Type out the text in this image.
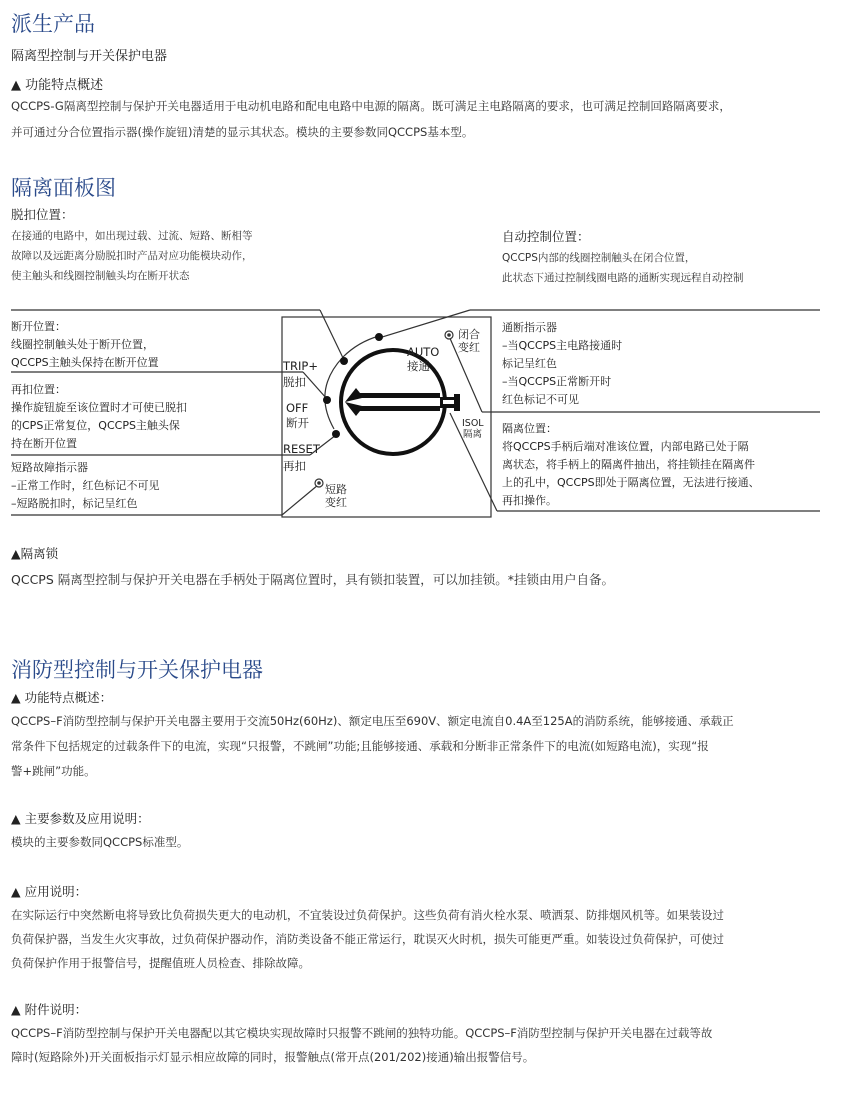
派生产品
隔离型控制与开关保护电器
▲ 功能特点概述
QCCPS-G隔离型控制与保护开关电器适用于电动机电路和配电电路中电源的隔离。既可满足主电路隔离的要求，也可满足控制回路隔离要求，
并可通过分合位置指示器(操作旋钮)清楚的显示其状态。模块的主要参数同QCCPS基本型。
隔离面板图
脱扣位置：
在接通的电路中，如出现过载、过流、短路、断相等
故障以及远距离分励脱扣时产品对应功能模块动作，
使主触头和线圈控制触头均在断开状态
自动控制位置：
QCCPS内部的线圈控制触头在闭合位置，
此状态下通过控制线圈电路的通断实现远程自动控制
断开位置：
线圈控制触头处于断开位置，
QCCPS主触头保持在断开位置
再扣位置：
操作旋钮旋至该位置时才可使已脱扣
的CPS正常复位，QCCPS主触头保
持在断开位置
短路故障指示器
–正常工作时，红色标记不可见
–短路脱扣时，标记呈红色
通断指示器
–当QCCPS主电路接通时
标记呈红色
–当QCCPS正常断开时
红色标记不可见
隔离位置：
将QCCPS手柄后端对准该位置，内部电路已处于隔
离状态，将手柄上的隔离件抽出，将挂锁挂在隔离件
上的孔中，QCCPS即处于隔离位置，无法进行接通、
再扣操作。
TRIP+
脱扣
OFF
断开
RESET
再扣
AUTO
接通
闭合
变红
ISOL
隔离
短路
变红
▲隔离锁
QCCPS 隔离型控制与保护开关电器在手柄处于隔离位置时，具有锁扣装置，可以加挂锁。*挂锁由用户自备。
消防型控制与开关保护电器
▲ 功能特点概述：
QCCPS–F消防型控制与保护开关电器主要用于交流50Hz(60Hz)、额定电压至690V、额定电流自0.4A至125A的消防系统，能够接通、承载正
常条件下包括规定的过载条件下的电流，实现“只报警，不跳闸”功能;且能够接通、承载和分断非正常条件下的电流(如短路电流)，实现“报
警+跳闸”功能。
▲ 主要参数及应用说明：
模块的主要参数同QCCPS标准型。
▲ 应用说明：
在实际运行中突然断电将导致比负荷损失更大的电动机，不宜装设过负荷保护。这些负荷有消火栓水泵、喷洒泵、防排烟风机等。如果装设过
负荷保护器，当发生火灾事故，过负荷保护器动作，消防类设备不能正常运行，耽误灭火时机，损失可能更严重。如装设过负荷保护，可使过
负荷保护作用于报警信号，提醒值班人员检查、排除故障。
▲ 附件说明：
QCCPS–F消防型控制与保护开关电器配以其它模块实现故障时只报警不跳闸的独特功能。QCCPS–F消防型控制与保护开关电器在过载等故
障时(短路除外)开关面板指示灯显示相应故障的同时，报警触点(常开点(201/202)接通)输出报警信号。
